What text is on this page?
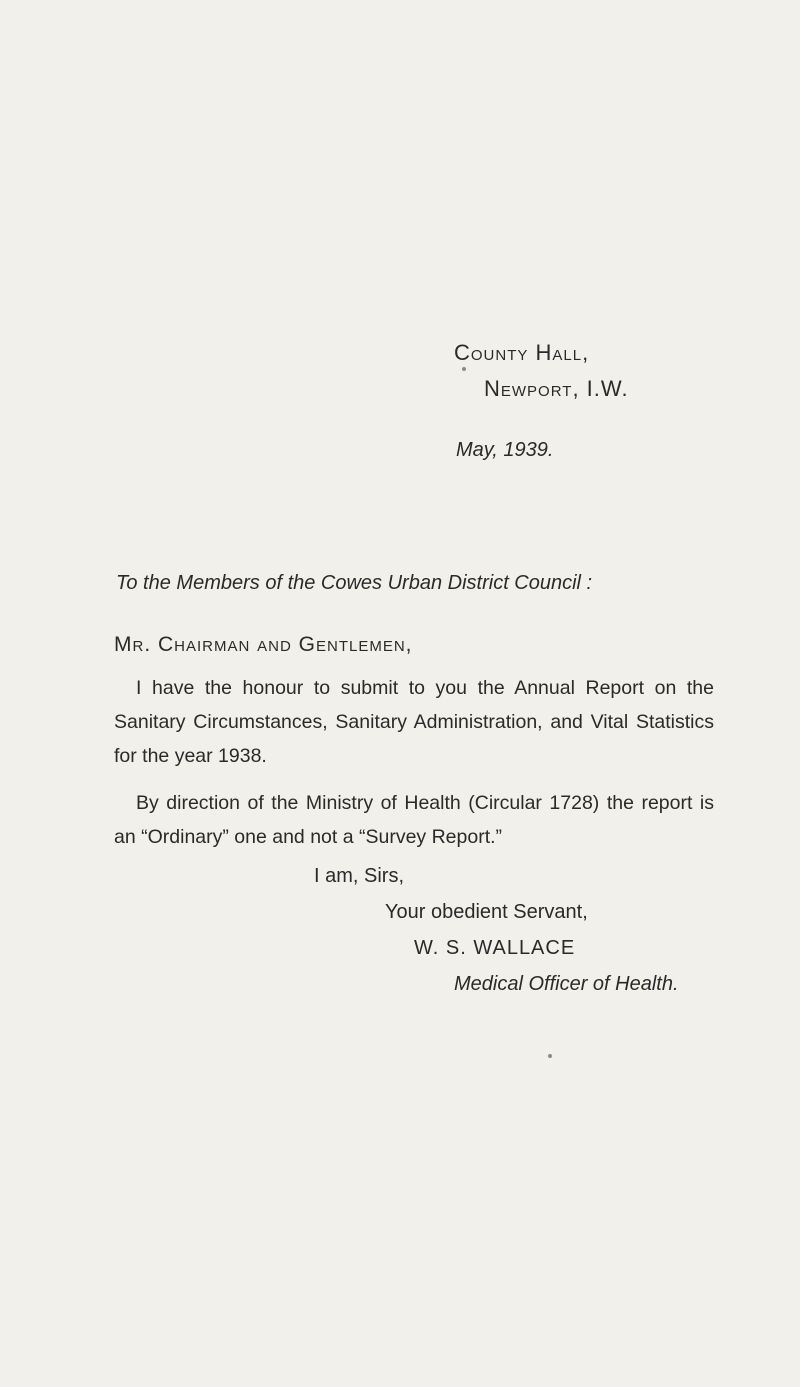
County Hall,
Newport, I.W.
May, 1939.
To the Members of the Cowes Urban District Council :
Mr. Chairman and Gentlemen,
I have the honour to submit to you the Annual Report on the Sanitary Circumstances, Sanitary Administration, and Vital Statistics for the year 1938.
By direction of the Ministry of Health (Circular 1728) the report is an “Ordinary” one and not a “Survey Report.”
I am, Sirs,
Your obedient Servant,
W. S. WALLACE
Medical Officer of Health.
